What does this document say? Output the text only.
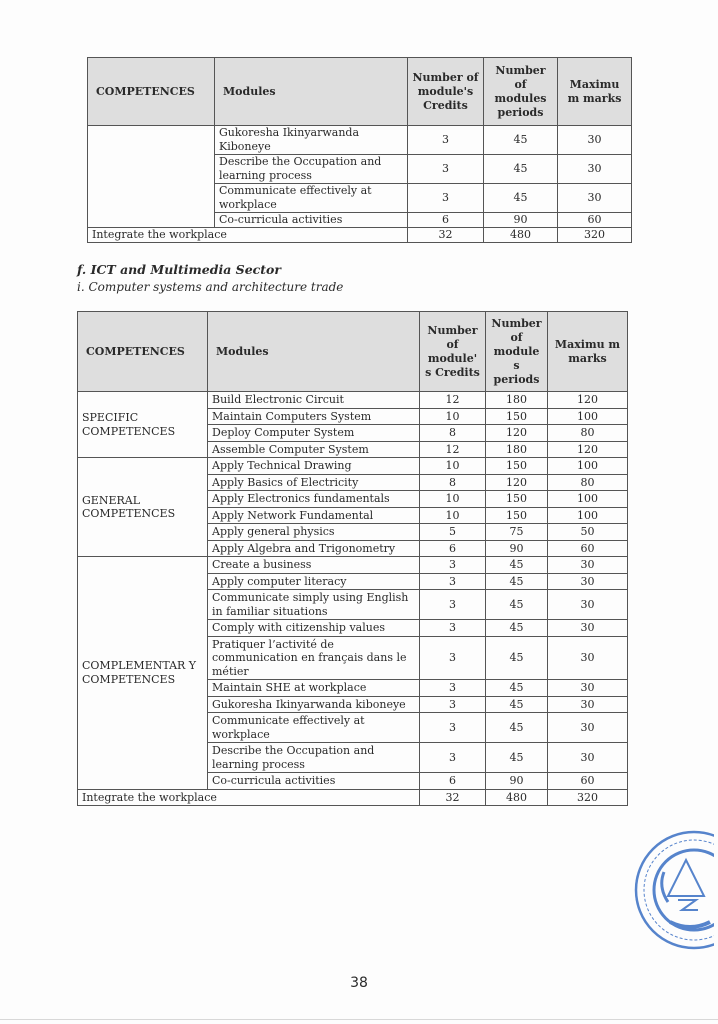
COMPETENCES	Modules	Number of module's Credits	Number of modules periods	Maximu m marks
	Gukoresha Ikinyarwanda Kiboneye	3	45	30
	Describe the Occupation and learning process	3	45	30
	Communicate effectively at workplace	3	45	30
	Co-curricula activities	6	90	60
Integrate the workplace		32	480	320
f. ICT and Multimedia Sector
i. Computer systems and architecture trade
COMPETENCES	Modules	Number of module' s Credits	Number of module s periods	Maximu m marks
SPECIFIC COMPETENCES	Build Electronic Circuit	12	180	120
	Maintain Computers System	10	150	100
	Deploy Computer System	8	120	80
	Assemble Computer System	12	180	120
GENERAL COMPETENCES	Apply Technical Drawing	10	150	100
	Apply Basics of Electricity	8	120	80
	Apply Electronics fundamentals	10	150	100
	Apply Network Fundamental	10	150	100
	Apply general physics	5	75	50
	Apply Algebra and Trigonometry	6	90	60
COMPLEMENTAR Y COMPETENCES	Create a business	3	45	30
	Apply computer literacy	3	45	30
	Communicate simply using English in familiar situations	3	45	30
	Comply with citizenship values	3	45	30
	Pratiquer l’activité de communication en français dans le métier	3	45	30
	Maintain SHE at workplace	3	45	30
	Gukoresha Ikinyarwanda kiboneye	3	45	30
	Communicate effectively at workplace	3	45	30
	Describe the Occupation and learning process	3	45	30
	Co-curricula activities	6	90	60
Integrate the workplace		32	480	320
38
